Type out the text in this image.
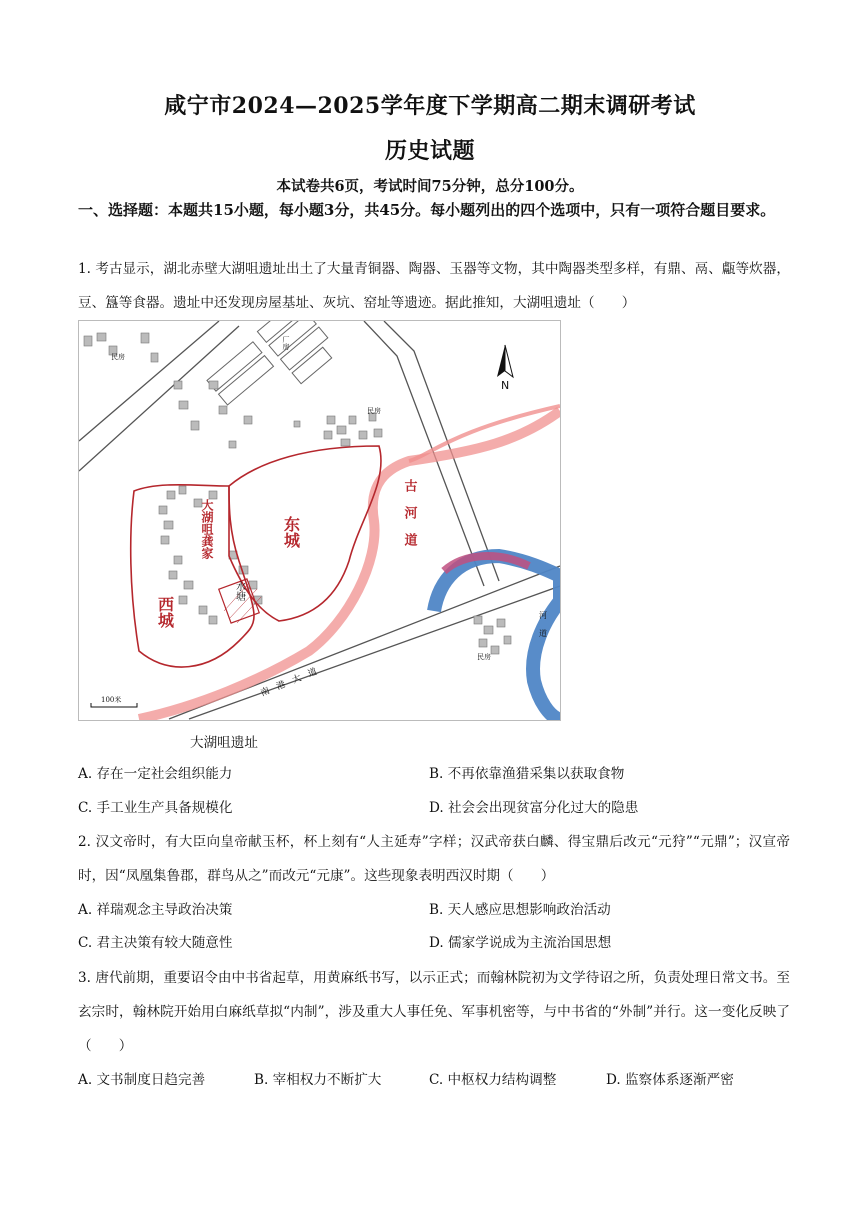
咸宁市2024—2025学年度下学期高二期末调研考试
历史试题
本试卷共6页，考试时间75分钟，总分100分。
一、选择题：本题共15小题，每小题3分，共45分。每小题列出的四个选项中，只有一项符合题目要求。
1. 考古显示，湖北赤壁大湖咀遗址出土了大量青铜器、陶器、玉器等文物，其中陶器类型多样，有鼎、鬲、甗等炊器，豆、簋等食器。遗址中还发现房屋基址、灰坑、窑址等遗迹。据此推知，大湖咀遗址（　　）
东城
西城
大湖咀龚家	古河道
水塘
河道
南港大道
厂房
民房
民房
民房
N
100米
大湖咀遗址
A. 存在一定社会组织能力	B. 不再依靠渔猎采集以获取食物
C. 手工业生产具备规模化	D. 社会会出现贫富分化过大的隐患
2. 汉文帝时，有大臣向皇帝献玉杯，杯上刻有“人主延寿”字样；汉武帝获白麟、得宝鼎后改元“元狩”“元鼎”；汉宣帝时，因“凤凰集鲁郡，群鸟从之”而改元“元康”。这些现象表明西汉时期（　　）
A. 祥瑞观念主导政治决策	B. 天人感应思想影响政治活动
C. 君主决策有较大随意性	D. 儒家学说成为主流治国思想
3. 唐代前期，重要诏令由中书省起草，用黄麻纸书写，以示正式；而翰林院初为文学待诏之所，负责处理日常文书。至玄宗时，翰林院开始用白麻纸草拟“内制”，涉及重大人事任免、军事机密等，与中书省的“外制”并行。这一变化反映了（　　）
A. 文书制度日趋完善	B. 宰相权力不断扩大	C. 中枢权力结构调整	D. 监察体系逐渐严密
